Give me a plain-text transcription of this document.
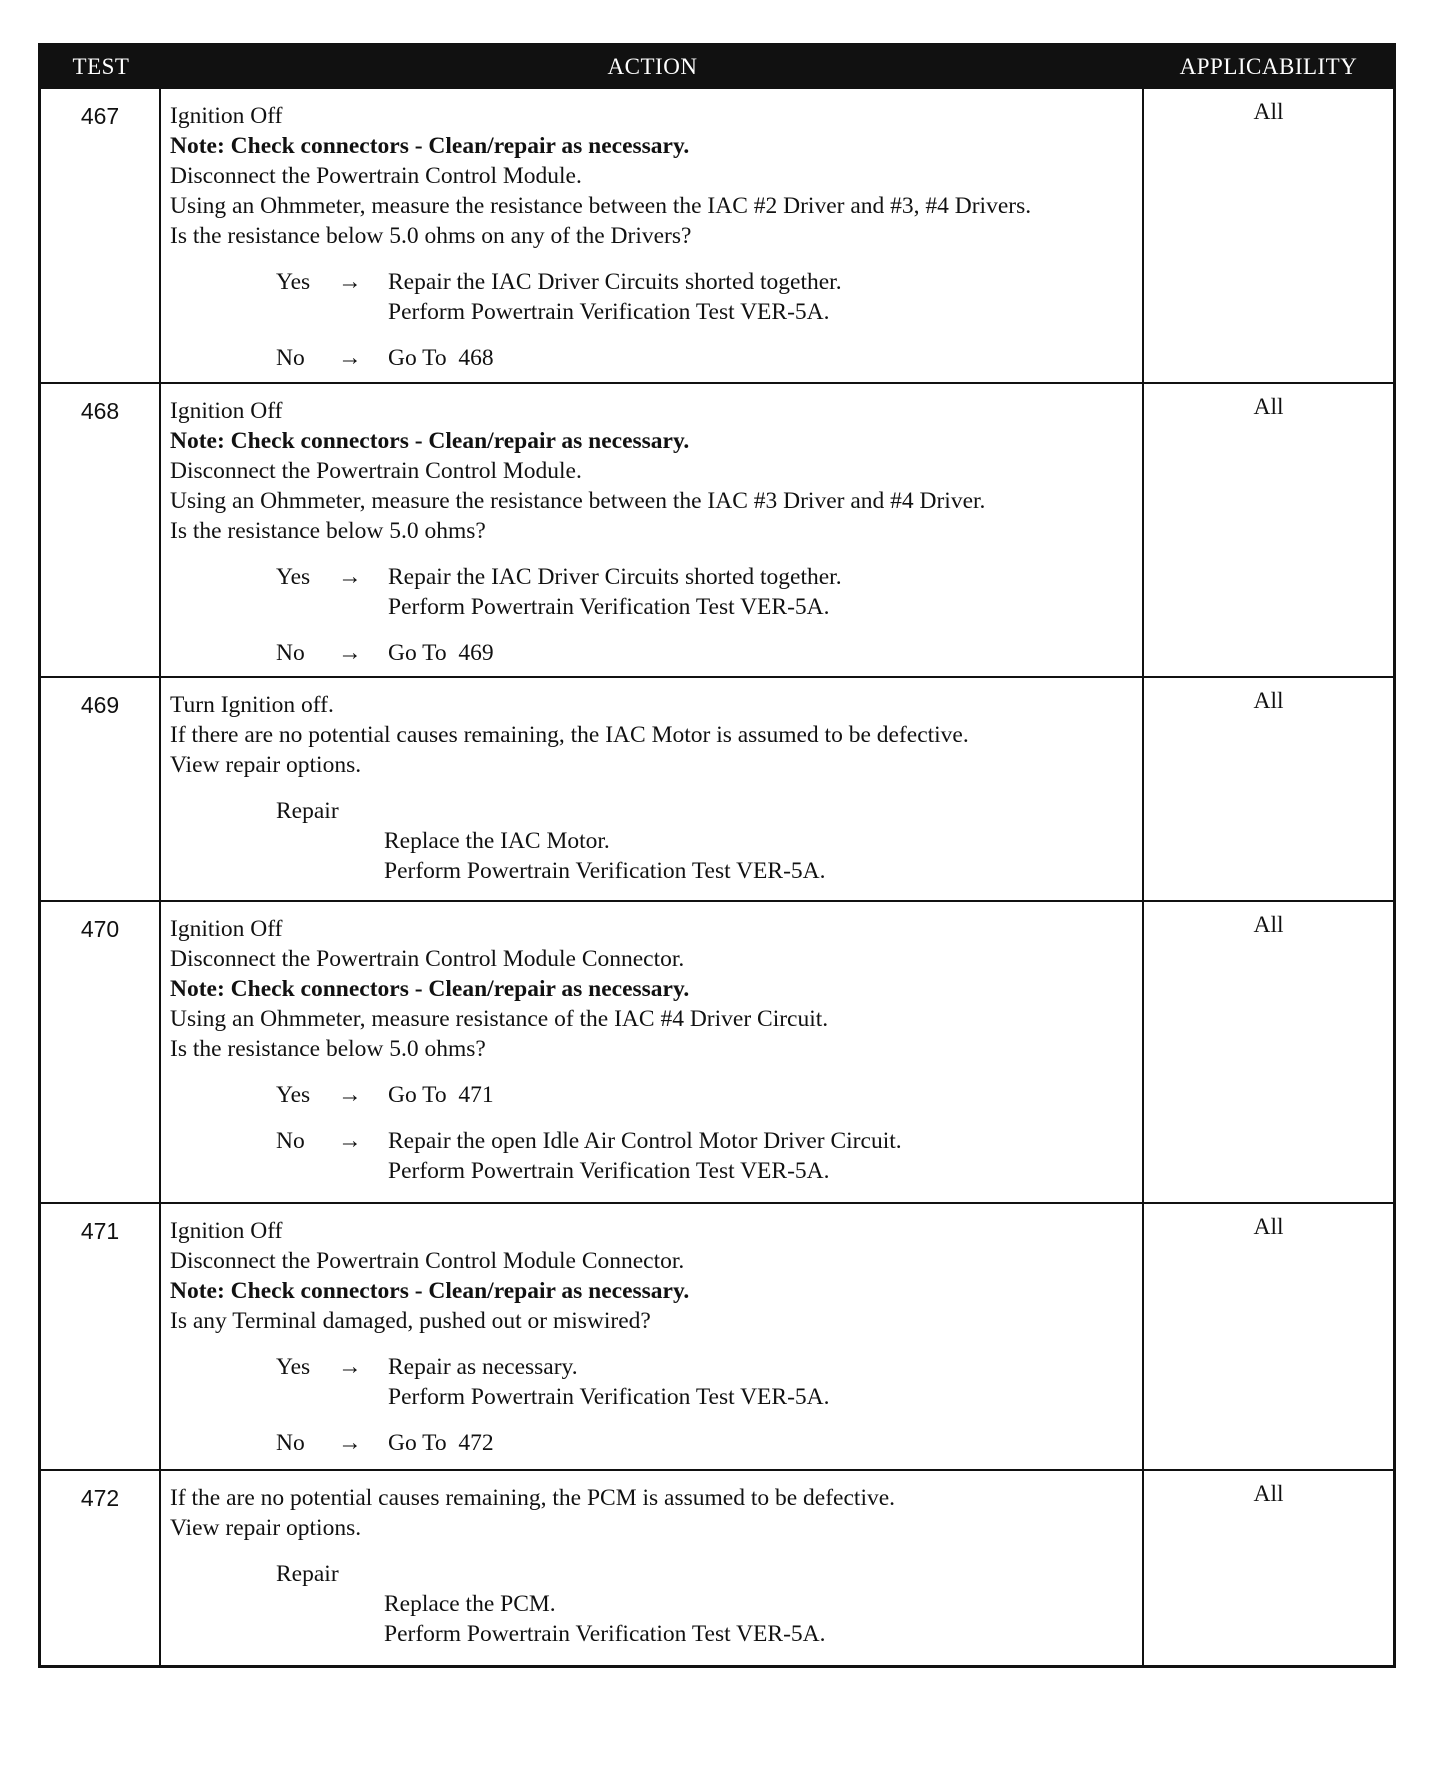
TEST	ACTION	APPLICABILITY
467	Ignition Off
Note: Check connectors - Clean/repair as necessary.
Disconnect the Powertrain Control Module.
Using an Ohmmeter, measure the resistance between the IAC #2 Driver and #3, #4 Drivers.
Is the resistance below 5.0 ohms on any of the Drivers?
Yes	→	Repair the IAC Driver Circuits shorted together.
Perform Powertrain Verification Test VER-5A.
No	→	Go To  468
All
468	Ignition Off
Note: Check connectors - Clean/repair as necessary.
Disconnect the Powertrain Control Module.
Using an Ohmmeter, measure the resistance between the IAC #3 Driver and #4 Driver.
Is the resistance below 5.0 ohms?
Yes	→	Repair the IAC Driver Circuits shorted together.
Perform Powertrain Verification Test VER-5A.
No	→	Go To  469
All
469	Turn Ignition off.
If there are no potential causes remaining, the IAC Motor is assumed to be defective.
View repair options.
Repair
Replace the IAC Motor.
Perform Powertrain Verification Test VER-5A.
All
470	Ignition Off
Disconnect the Powertrain Control Module Connector.
Note: Check connectors - Clean/repair as necessary.
Using an Ohmmeter, measure resistance of the IAC #4 Driver Circuit.
Is the resistance below 5.0 ohms?
Yes	→	Go To  471
No	→	Repair the open Idle Air Control Motor Driver Circuit.
Perform Powertrain Verification Test VER-5A.
All
471	Ignition Off
Disconnect the Powertrain Control Module Connector.
Note: Check connectors - Clean/repair as necessary.
Is any Terminal damaged, pushed out or miswired?
Yes	→	Repair as necessary.
Perform Powertrain Verification Test VER-5A.
No	→	Go To  472
All
472	If the are no potential causes remaining, the PCM is assumed to be defective.
View repair options.
Repair
Replace the PCM.
Perform Powertrain Verification Test VER-5A.
All
